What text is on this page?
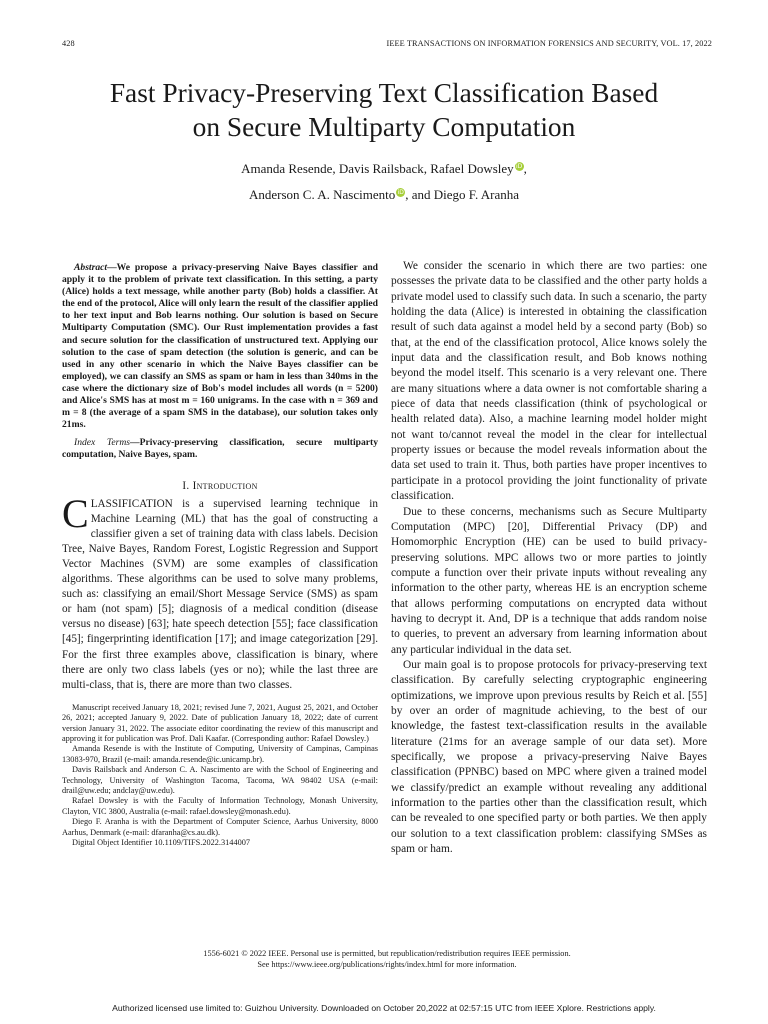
428	IEEE TRANSACTIONS ON INFORMATION FORENSICS AND SECURITY, VOL. 17, 2022
Fast Privacy-Preserving Text Classification Based
on Secure Multiparty Computation
Amanda Resende, Davis Railsback, Rafael Dowsley iD,
Anderson C. A. Nascimento iD, and Diego F. Aranha

Abstract—We propose a privacy-preserving Naive Bayes classifier and apply it to the problem of private text classification. In this setting, a party (Alice) holds a text message, while another party (Bob) holds a classifier. At the end of the protocol, Alice will only learn the result of the classifier applied to her text input and Bob learns nothing. Our solution is based on Secure Multiparty Computation (SMC). Our Rust implementation provides a fast and secure solution for the classification of unstructured text. Applying our solution to the case of spam detection (the solution is generic, and can be used in any other scenario in which the Naive Bayes classifier can be employed), we can classify an SMS as spam or ham in less than 340ms in the case where the dictionary size of Bob's model includes all words (n = 5200) and Alice's SMS has at most m = 160 unigrams. In the case with n = 369 and m = 8 (the average of a spam SMS in the database), our solution takes only 21ms.

Index Terms—Privacy-preserving classification, secure multiparty computation, Naive Bayes, spam.

I. Introduction

CLASSIFICATION is a supervised learning technique in Machine Learning (ML) that has the goal of constructing a classifier given a set of training data with class labels. Decision Tree, Naive Bayes, Random Forest, Logistic Regression and Support Vector Machines (SVM) are some examples of classification algorithms. These algorithms can be used to solve many problems, such as: classifying an email/Short Message Service (SMS) as spam or ham (not spam) [5]; diagnosis of a medical condition (disease versus no disease) [63]; hate speech detection [55]; face classification [45]; fingerprinting identification [17]; and image categorization [29]. For the first three examples above, classification is binary, where there are only two class labels (yes or no); while the last three are multi-class, that is, there are more than two classes.

Manuscript received January 18, 2021; revised June 7, 2021, August 25, 2021, and October 26, 2021; accepted January 9, 2022. Date of publication January 18, 2022; date of current version January 31, 2022. The associate editor coordinating the review of this manuscript and approving it for publication was Prof. Dali Kaafar. (Corresponding author: Rafael Dowsley.)

Amanda Resende is with the Institute of Computing, University of Campinas, Campinas 13083-970, Brazil (e-mail: amanda.resende@ic.unicamp.br).

Davis Railsback and Anderson C. A. Nascimento are with the School of Engineering and Technology, University of Washington Tacoma, Tacoma, WA 98402 USA (e-mail: drail@uw.edu; andclay@uw.edu).

Rafael Dowsley is with the Faculty of Information Technology, Monash University, Clayton, VIC 3800, Australia (e-mail: rafael.dowsley@monash.edu).

Diego F. Aranha is with the Department of Computer Science, Aarhus University, 8000 Aarhus, Denmark (e-mail: dfaranha@cs.au.dk).

Digital Object Identifier 10.1109/TIFS.2022.3144007

We consider the scenario in which there are two parties: one possesses the private data to be classified and the other party holds a private model used to classify such data. In such a scenario, the party holding the data (Alice) is interested in obtaining the classification result of such data against a model held by a second party (Bob) so that, at the end of the classification protocol, Alice knows solely the input data and the classification result, and Bob knows nothing beyond the model itself. This scenario is a very relevant one. There are many situations where a data owner is not comfortable sharing a piece of data that needs classification (think of psychological or health related data). Also, a machine learning model holder might not want to/cannot reveal the model in the clear for intellectual property issues or because the model reveals information about the data set used to train it. Thus, both parties have proper incentives to participate in a protocol providing the joint functionality of private classification.

Due to these concerns, mechanisms such as Secure Multiparty Computation (MPC) [20], Differential Privacy (DP) and Homomorphic Encryption (HE) can be used to build privacy-preserving solutions. MPC allows two or more parties to jointly compute a function over their private inputs without revealing any information to the other party, whereas HE is an encryption scheme that allows performing computations on encrypted data without having to decrypt it. And, DP is a technique that adds random noise to queries, to prevent an adversary from learning information about any particular individual in the data set.

Our main goal is to propose protocols for privacy-preserving text classification. By carefully selecting cryptographic engineering optimizations, we improve upon previous results by Reich et al. [55] by over an order of magnitude achieving, to the best of our knowledge, the fastest text-classification results in the available literature (21ms for an average sample of our data set). More specifically, we propose a privacy-preserving Naive Bayes classification (PPNBC) based on MPC where given a trained model we classify/predict an example without revealing any additional information to the parties other than the classification result, which can be revealed to one specified party or both parties. We then apply our solution to a text classification problem: classifying SMSes as spam or ham.

1556-6021 © 2022 IEEE. Personal use is permitted, but republication/redistribution requires IEEE permission.
See https://www.ieee.org/publications/rights/index.html for more information.
Authorized licensed use limited to: Guizhou University. Downloaded on October 20,2022 at 02:57:15 UTC from IEEE Xplore. Restrictions apply.
